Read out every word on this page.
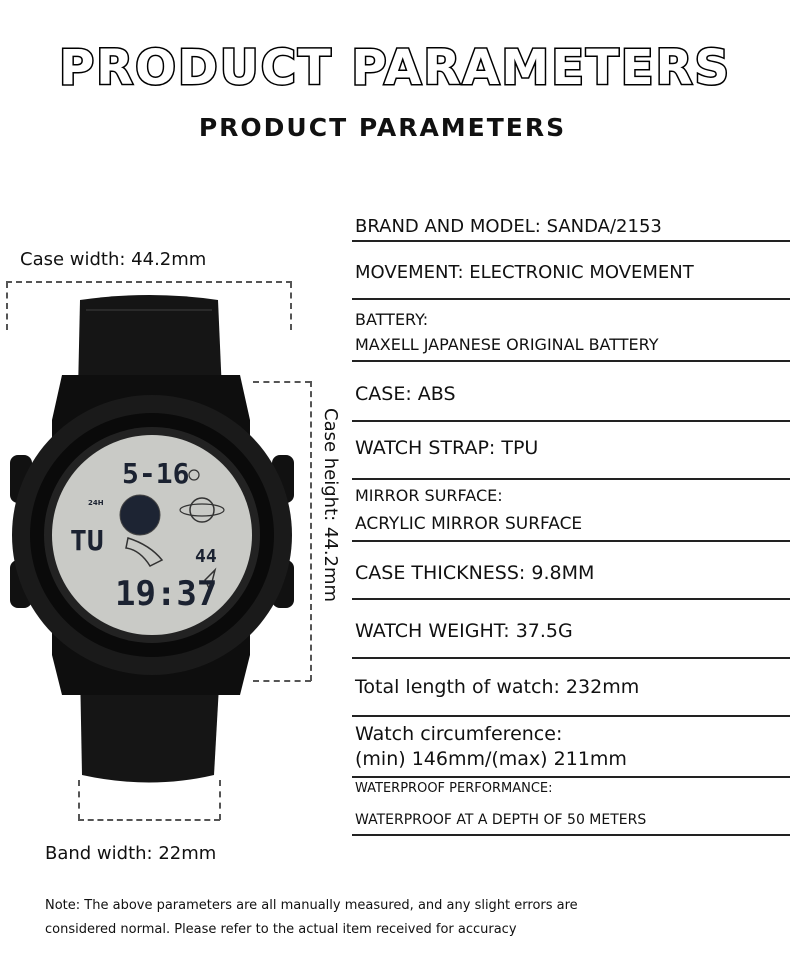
PRODUCT PARAMETERS
PRODUCT PARAMETERS
Case width: 44.2mm
Case height: 44.2mm
Band width: 22mm
5-16
24H
TU	44
19:37
BRAND AND MODEL: SANDA/2153
MOVEMENT: ELECTRONIC MOVEMENT
BATTERY:
MAXELL JAPANESE ORIGINAL BATTERY
CASE: ABS
WATCH STRAP: TPU
MIRROR SURFACE:
ACRYLIC MIRROR SURFACE
CASE THICKNESS: 9.8MM
WATCH WEIGHT: 37.5G
Total length of watch: 232mm
Watch circumference:
(min) 146mm/(max) 211mm
WATERPROOF PERFORMANCE:
WATERPROOF AT A DEPTH OF 50 METERS
Note: The above parameters are all manually measured, and any slight errors are
considered normal. Please refer to the actual item received for accuracy
